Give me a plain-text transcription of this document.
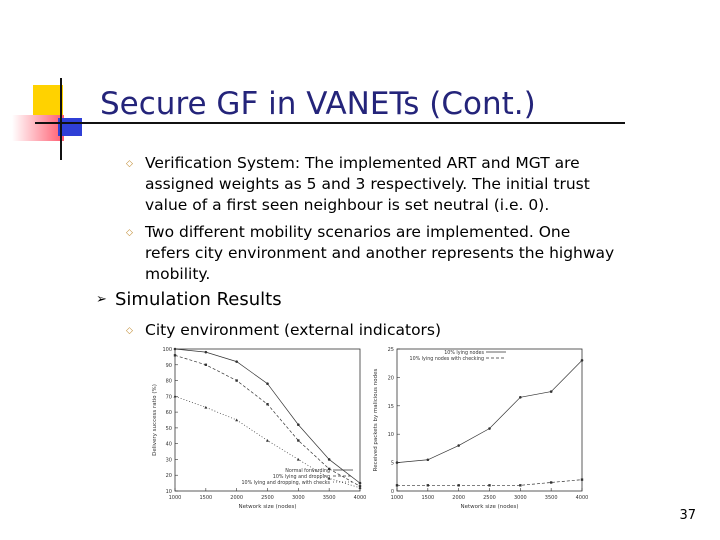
Secure GF in VANETs (Cont.)
◇ Verification System: The implemented ART and MGT are assigned weights as 5 and 3 respectively. The initial trust value of a first seen neighbour is set neutral (i.e. 0).
◇ Two different mobility scenarios are implemented. One refers city environment and another represents the highway mobility.
➢ Simulation Results
◇ City environment (external indicators)
10
20
30
40
50
60
70
80
90
100
1000	1500	2000	2500	3000	3500	4000
Network size (nodes)
Delivery success ratio (%)
Normal forwarding
10% lying and dropping
10% lying and dropping, with checks
0
5
10
15
20
25
1000	1500	2000	2500	3000	3500	4000
Network size (nodes)
Received packets by malicious nodes
10% lying nodes
10% lying nodes with checking
37
